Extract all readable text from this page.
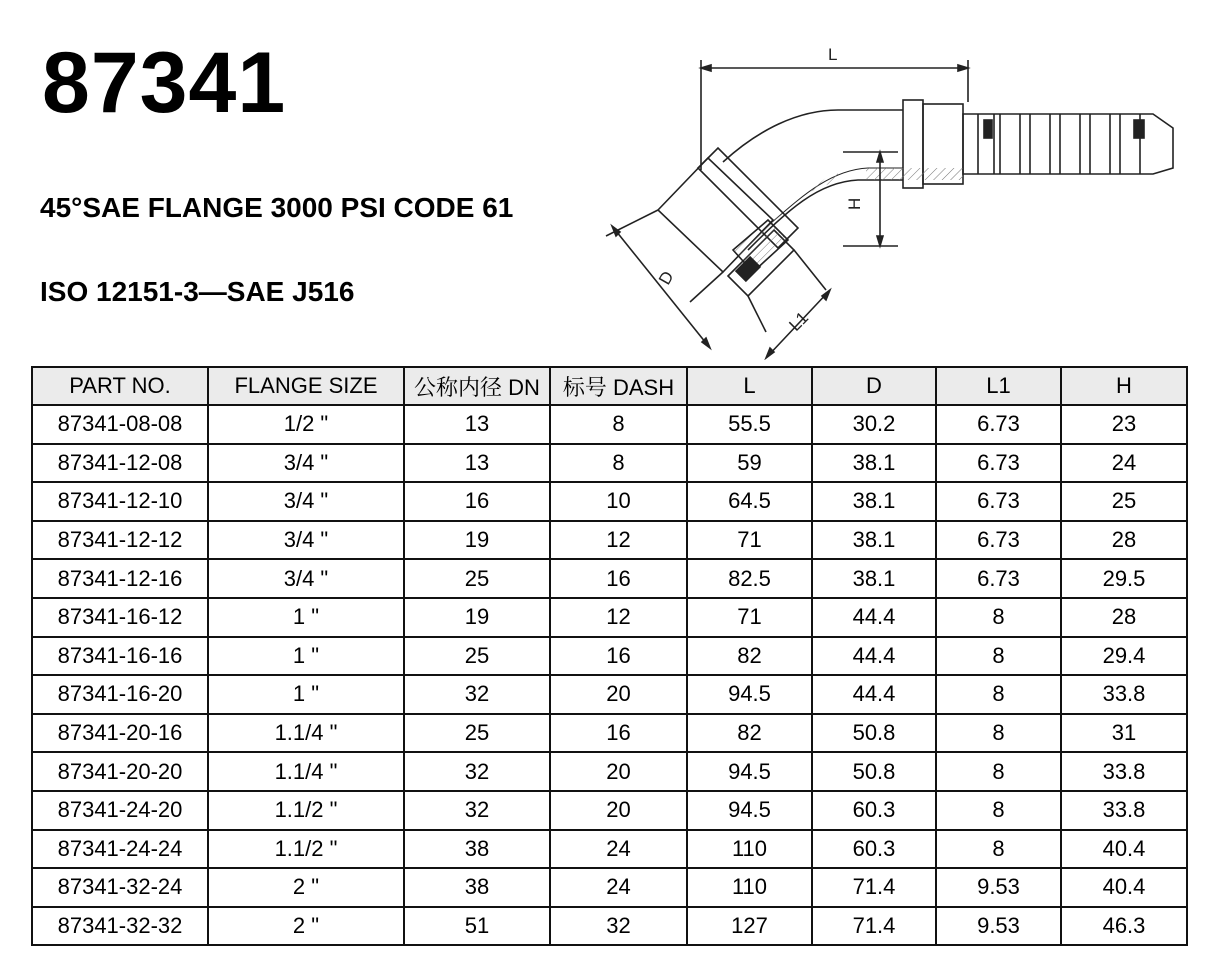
87341
45°SAE FLANGE 3000 PSI CODE 61
ISO 12151-3—SAE J516
L
H
D
L1
PART NO.	FLANGE SIZE	公称内径 DN	标号 DASH	L	D	L1	H
87341-08-08	1/2 "	13	8	55.5	30.2	6.73	23
87341-12-08	3/4 "	13	8	59	38.1	6.73	24
87341-12-10	3/4 "	16	10	64.5	38.1	6.73	25
87341-12-12	3/4 "	19	12	71	38.1	6.73	28
87341-12-16	3/4 "	25	16	82.5	38.1	6.73	29.5
87341-16-12	1 "	19	12	71	44.4	8	28
87341-16-16	1 "	25	16	82	44.4	8	29.4
87341-16-20	1 "	32	20	94.5	44.4	8	33.8
87341-20-16	1.1/4 "	25	16	82	50.8	8	31
87341-20-20	1.1/4 "	32	20	94.5	50.8	8	33.8
87341-24-20	1.1/2 "	32	20	94.5	60.3	8	33.8
87341-24-24	1.1/2 "	38	24	110	60.3	8	40.4
87341-32-24	2 "	38	24	110	71.4	9.53	40.4
87341-32-32	2 "	51	32	127	71.4	9.53	46.3
